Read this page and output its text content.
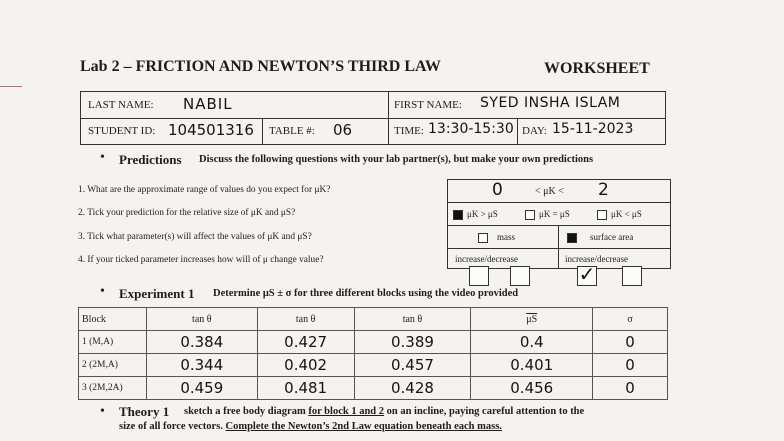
Lab 2 – FRICTION AND NEWTON’S THIRD LAW	WORKSHEET
LAST NAME: NABIL	FIRST NAME: SYED INSHA ISLAM
STUDENT ID: 104501316 TABLE #: 06	TIME: 13:30-15:30 DAY: 15-11-2023
• Predictions Discuss the following questions with your lab partner(s), but make your own predictions
1. What are the approximate range of values do you expect for μK?
2. Tick your prediction for the relative size of μK and μS?
3. Tick what parameter(s) will affect the values of μK and μS?
4. If your ticked parameter increases how will of μ change value?
0	< μK < 2
μK > μS	μK = μS	μK < μS
mass	surface area
increase/decrease	increase/decrease
✓
• Experiment 1 Determine μS ± σ for three different blocks using the video provided
Block	tan θ	tan θ	tan θ	$\overline{\mu S}$	σ
1 (M,A)	0.384	0.427	0.389	0.4	0
2 (2M,A)	0.344	0.402	0.457	0.401	0
3 (2M,2A)	0.459	0.481	0.428	0.456	0
• Theory 1 sketch a free body diagram for block 1 and 2 on an incline, paying careful attention to the
size of all force vectors. Complete the Newton’s 2nd Law equation beneath each mass.
